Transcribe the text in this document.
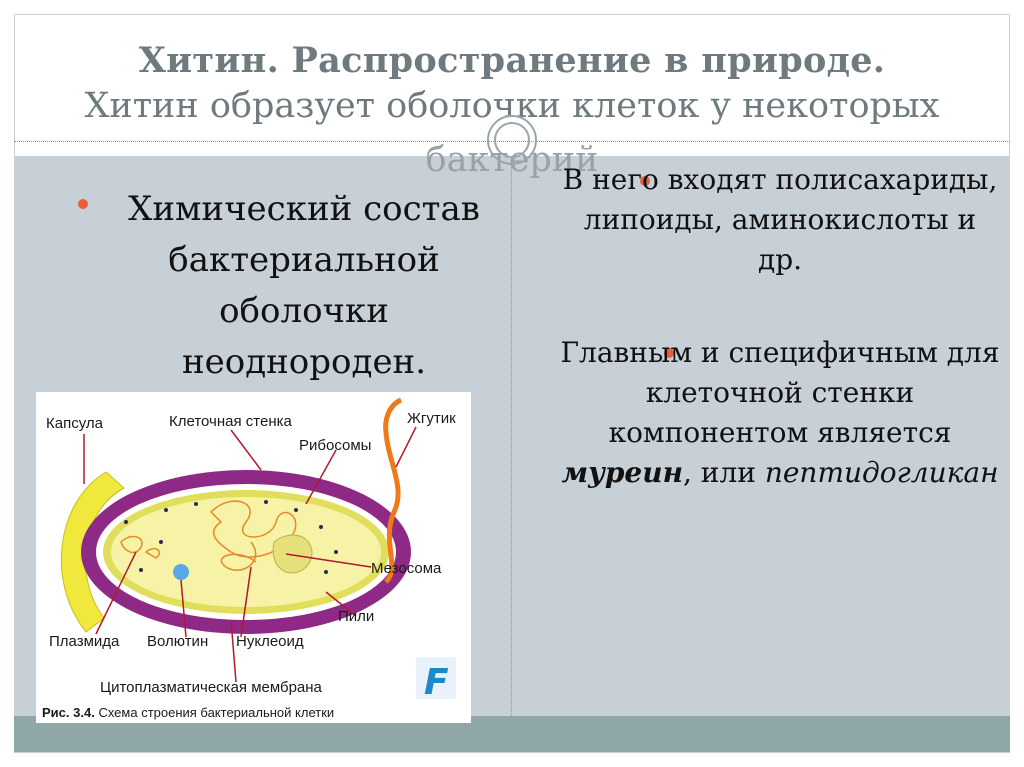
Хитин. Распространение в природе.
Хитин образует оболочки клеток у некоторых
бактерий
Химический состав бактериальной оболочки неоднороден.
В него входят полисахариды, липоиды, аминокислоты и др.
Главным и специфичным для клеточной стенки компонентом является муреин, или пептидогликан
F
Капсула	Клеточная стенка	Жгутик
Рибосомы
Мезосома
Пили
Плазмида Волютин Нуклеоид
Цитоплазматическая мембрана
Рис. 3.4. Схема строения бактериальной клетки
